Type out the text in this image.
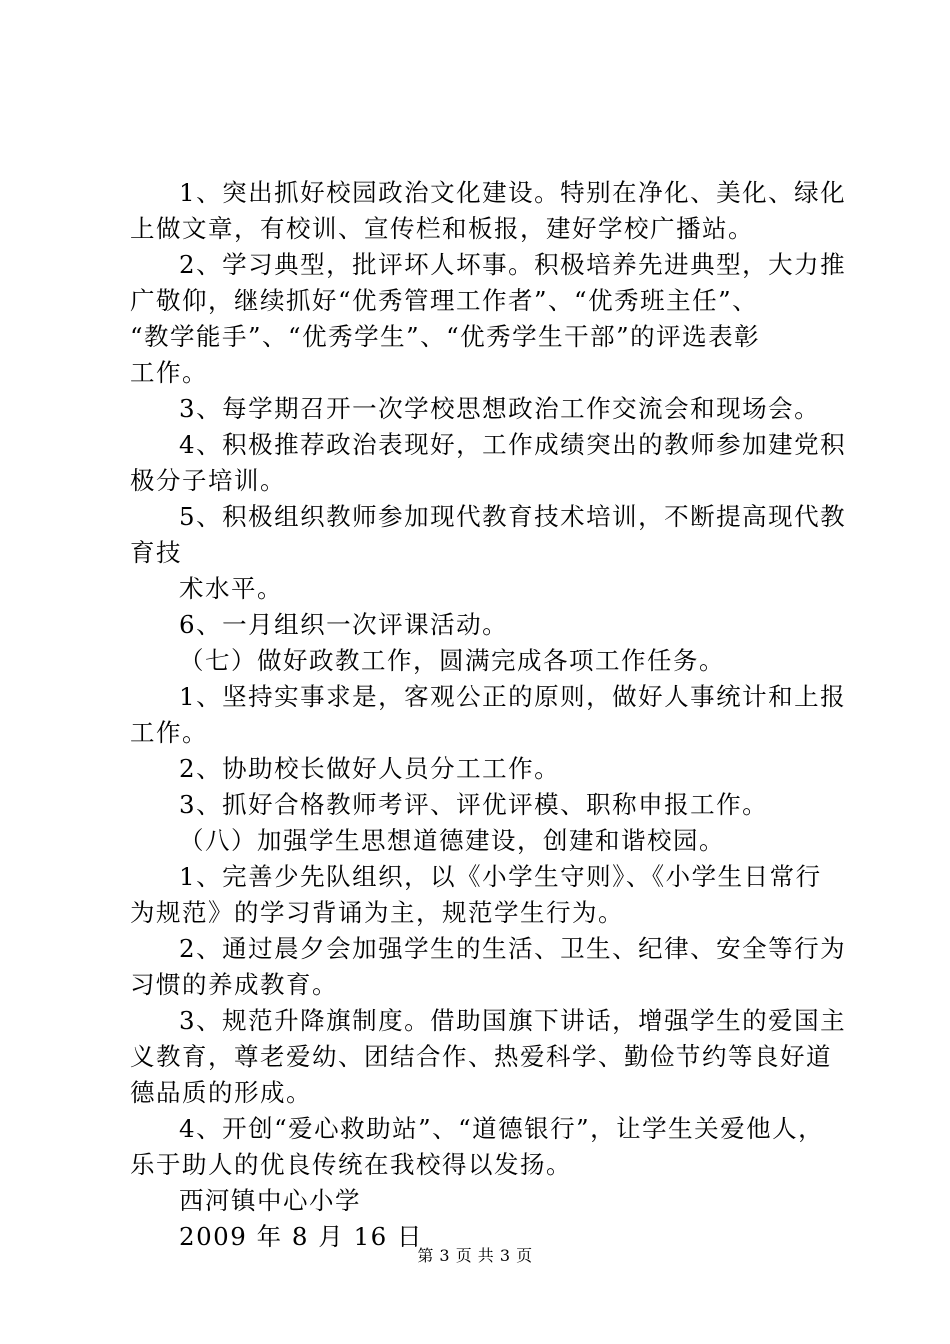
1、突出抓好校园政治文化建设。特别在净化、美化、绿化
上做文章，有校训、宣传栏和板报，建好学校广播站。
2、学习典型，批评坏人坏事。积极培养先进典型，大力推
广敬仰，继续抓好“优秀管理工作者”、“优秀班主任”、
“教学能手”、“优秀学生”、“优秀学生干部”的评选表彰
工作。
3、每学期召开一次学校思想政治工作交流会和现场会。
4、积极推荐政治表现好，工作成绩突出的教师参加建党积
极分子培训。
5、积极组织教师参加现代教育技术培训，不断提高现代教
育技
术水平。
6、一月组织一次评课活动。
（七）做好政教工作，圆满完成各项工作任务。
1、坚持实事求是，客观公正的原则，做好人事统计和上报
工作。
2、协助校长做好人员分工工作。
3、抓好合格教师考评、评优评模、职称申报工作。
（八）加强学生思想道德建设，创建和谐校园。
1、完善少先队组织，以《小学生守则》、《小学生日常行
为规范》的学习背诵为主，规范学生行为。
2、通过晨夕会加强学生的生活、卫生、纪律、安全等行为
习惯的养成教育。
3、规范升降旗制度。借助国旗下讲话，增强学生的爱国主
义教育，尊老爱幼、团结合作、热爱科学、勤俭节约等良好道
德品质的形成。
4、开创“爱心救助站”、“道德银行”，让学生关爱他人，
乐于助人的优良传统在我校得以发扬。
西河镇中心小学
2009 年 8 月 16 日
第 3 页 共 3 页
